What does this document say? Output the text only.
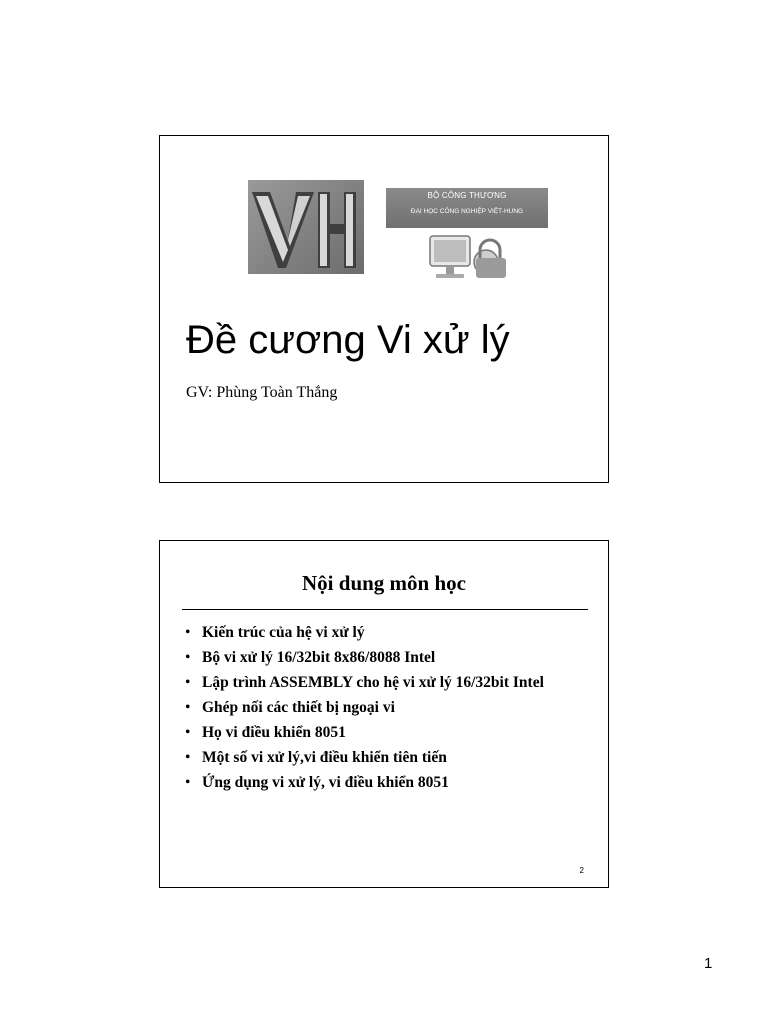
BỘ CÔNG THƯƠNG
ĐẠI HỌC CÔNG NGHIỆP VIỆT-HUNG
Đề cương Vi xử lý
GV: Phùng Toàn Thắng
Nội dung môn học
• Kiến trúc của hệ vi xử lý
• Bộ vi xử lý 16/32bit 8x86/8088 Intel
• Lập trình ASSEMBLY cho hệ vi xử lý 16/32bit Intel
• Ghép nối các thiết bị ngoại vi
• Họ vi điều khiển 8051
• Một số vi xử lý,vi điều khiển tiên tiến
• Ứng dụng vi xử lý, vi điều khiển 8051
2
1
